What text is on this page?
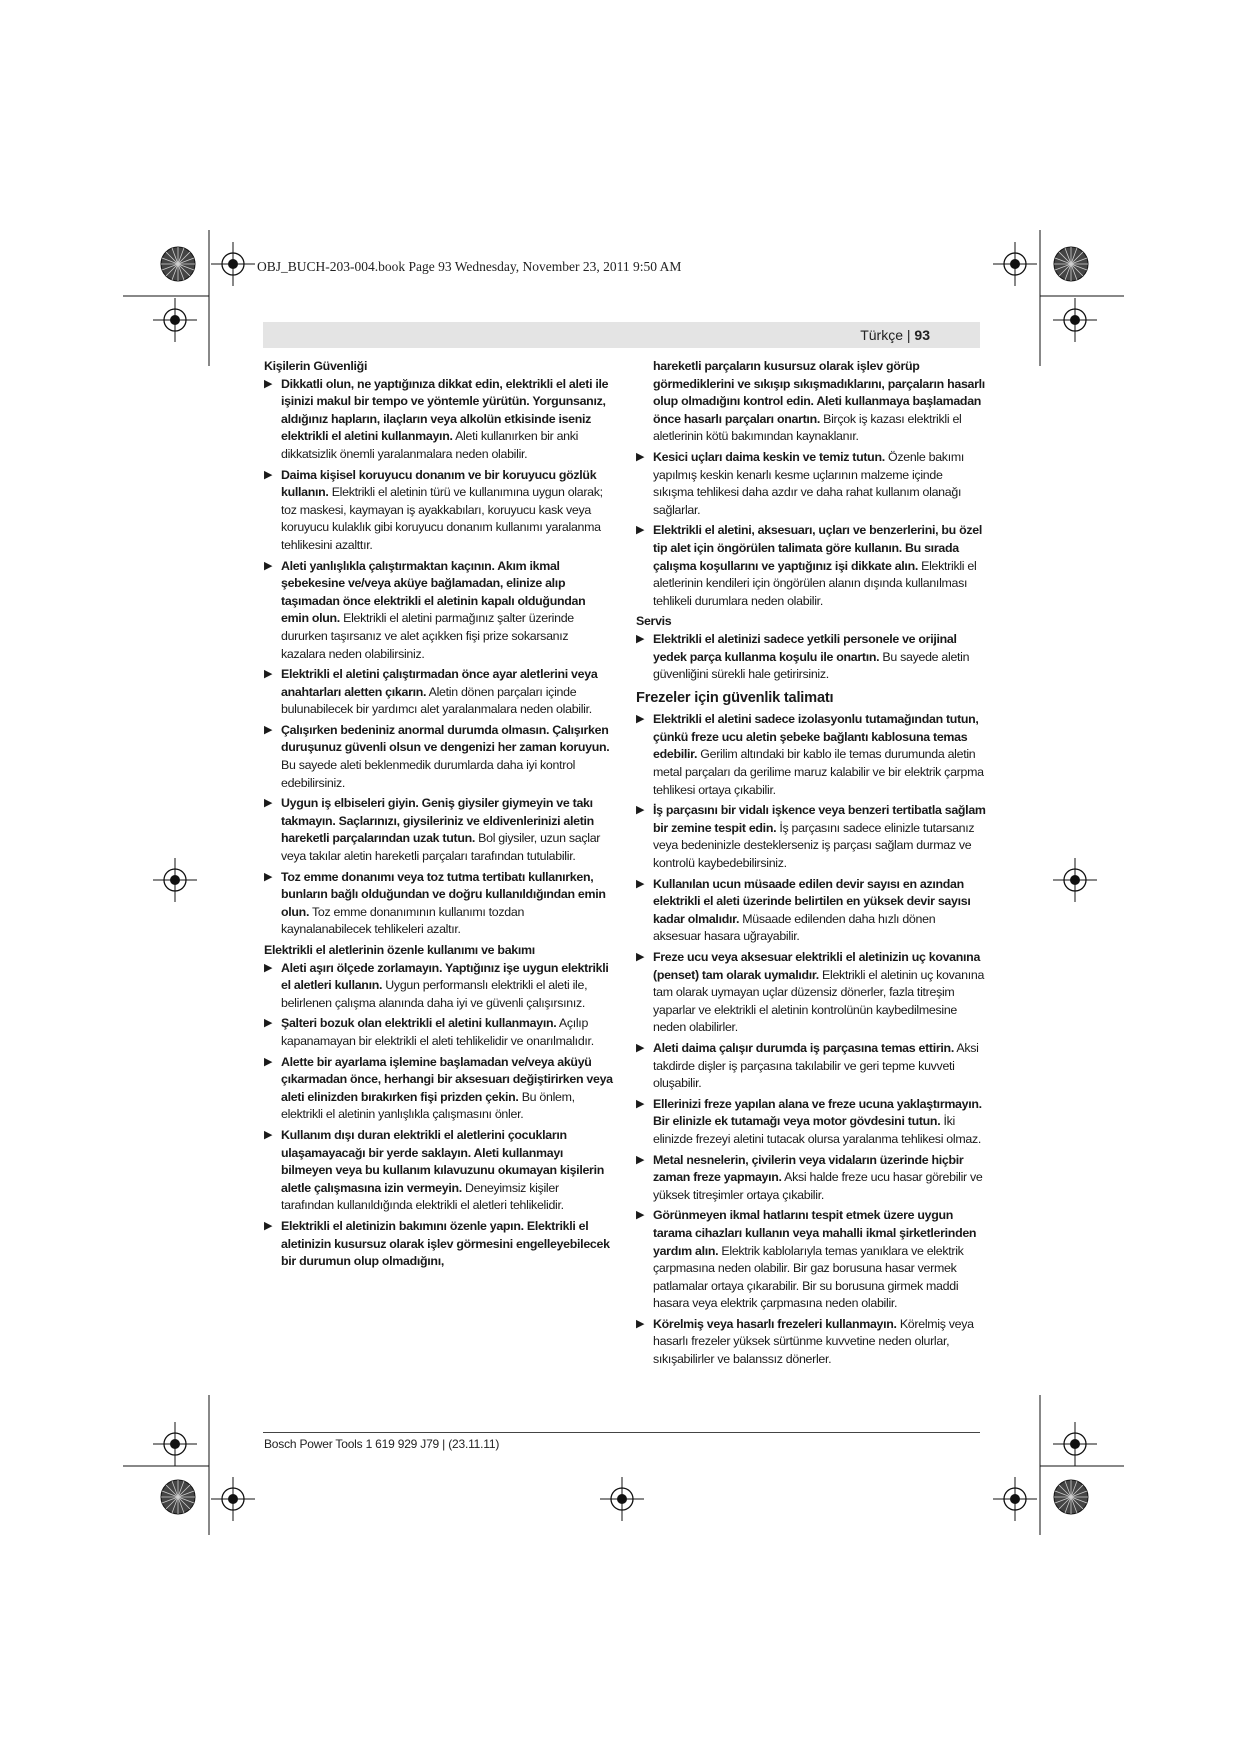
OBJ_BUCH-203-004.book Page 93 Wednesday, November 23, 2011 9:50 AM
Türkçe | 93
Kişilerin Güvenliği
▶ Dikkatli olun, ne yaptığınıza dikkat edin, elektrikli el aleti ile işinizi makul bir tempo ve yöntemle yürütün. Yorgunsanız, aldığınız hapların, ilaçların veya alkolün etkisinde iseniz elektrikli el aletini kullanmayın. Aleti kullanırken bir anki dikkatsizlik önemli yaralanmalara neden olabilir.
▶ Daima kişisel koruyucu donanım ve bir koruyucu gözlük kullanın. Elektrikli el aletinin türü ve kullanımına uygun olarak; toz maskesi, kaymayan iş ayakkabıları, koruyucu kask veya koruyucu kulaklık gibi koruyucu donanım kullanımı yaralanma tehlikesini azalttır.
▶ Aleti yanlışlıkla çalıştırmaktan kaçının. Akım ikmal şebekesine ve/veya aküye bağlamadan, elinize alıp taşımadan önce elektrikli el aletinin kapalı olduğundan emin olun. Elektrikli el aletini parmağınız şalter üzerinde dururken taşırsanız ve alet açıkken fişi prize sokarsanız kazalara neden olabilirsiniz.
▶ Elektrikli el aletini çalıştırmadan önce ayar aletlerini veya anahtarları aletten çıkarın. Aletin dönen parçaları içinde bulunabilecek bir yardımcı alet yaralanmalara neden olabilir.
▶ Çalışırken bedeniniz anormal durumda olmasın. Çalışırken duruşunuz güvenli olsun ve dengenizi her zaman koruyun. Bu sayede aleti beklenmedik durumlarda daha iyi kontrol edebilirsiniz.
▶ Uygun iş elbiseleri giyin. Geniş giysiler giymeyin ve takı takmayın. Saçlarınızı, giysileriniz ve eldivenlerinizi aletin hareketli parçalarından uzak tutun. Bol giysiler, uzun saçlar veya takılar aletin hareketli parçaları tarafından tutulabilir.
▶ Toz emme donanımı veya toz tutma tertibatı kullanırken, bunların bağlı olduğundan ve doğru kullanıldığından emin olun. Toz emme donanımının kullanımı tozdan kaynalanabilecek tehlikeleri azaltır.
Elektrikli el aletlerinin özenle kullanımı ve bakımı
▶ Aleti aşırı ölçede zorlamayın. Yaptığınız işe uygun elektrikli el aletleri kullanın. Uygun performanslı elektrikli el aleti ile, belirlenen çalışma alanında daha iyi ve güvenli çalışırsınız.
▶ Şalteri bozuk olan elektrikli el aletini kullanmayın. Açılıp kapanamayan bir elektrikli el aleti tehlikelidir ve onarılmalıdır.
▶ Alette bir ayarlama işlemine başlamadan ve/veya aküyü çıkarmadan önce, herhangi bir aksesuarı değiştirirken veya aleti elinizden bırakırken fişi prizden çekin. Bu önlem, elektrikli el aletinin yanlışlıkla çalışmasını önler.
▶ Kullanım dışı duran elektrikli el aletlerini çocukların ulaşamayacağı bir yerde saklayın. Aleti kullanmayı bilmeyen veya bu kullanım kılavuzunu okumayan kişilerin aletle çalışmasına izin vermeyin. Deneyimsiz kişiler tarafından kullanıldığında elektrikli el aletleri tehlikelidir.
▶ Elektrikli el aletinizin bakımını özenle yapın. Elektrikli el aletinizin kusursuz olarak işlev görmesini engelleyebilecek bir durumun olup olmadığını,
hareketli parçaların kusursuz olarak işlev görüp görmediklerini ve sıkışıp sıkışmadıklarını, parçaların hasarlı olup olmadığını kontrol edin. Aleti kullanmaya başlamadan önce hasarlı parçaları onartın. Birçok iş kazası elektrikli el aletlerinin kötü bakımından kaynaklanır.
▶ Kesici uçları daima keskin ve temiz tutun. Özenle bakımı yapılmış keskin kenarlı kesme uçlarının malzeme içinde sıkışma tehlikesi daha azdır ve daha rahat kullanım olanağı sağlarlar.
▶ Elektrikli el aletini, aksesuarı, uçları ve benzerlerini, bu özel tip alet için öngörülen talimata göre kullanın. Bu sırada çalışma koşullarını ve yaptığınız işi dikkate alın. Elektrikli el aletlerinin kendileri için öngörülen alanın dışında kullanılması tehlikeli durumlara neden olabilir.
Servis
▶ Elektrikli el aletinizi sadece yetkili personele ve orijinal yedek parça kullanma koşulu ile onartın. Bu sayede aletin güvenliğini sürekli hale getirirsiniz.
Frezeler için güvenlik talimatı
▶ Elektrikli el aletini sadece izolasyonlu tutamağından tutun, çünkü freze ucu aletin şebeke bağlantı kablosuna temas edebilir. Gerilim altındaki bir kablo ile temas durumunda aletin metal parçaları da gerilime maruz kalabilir ve bir elektrik çarpma tehlikesi ortaya çıkabilir.
▶ İş parçasını bir vidalı işkence veya benzeri tertibatla sağlam bir zemine tespit edin. İş parçasını sadece elinizle tutarsanız veya bedeninizle desteklerseniz iş parçası sağlam durmaz ve kontrolü kaybedebilirsiniz.
▶ Kullanılan ucun müsaade edilen devir sayısı en azından elektrikli el aleti üzerinde belirtilen en yüksek devir sayısı kadar olmalıdır. Müsaade edilenden daha hızlı dönen aksesuar hasara uğrayabilir.
▶ Freze ucu veya aksesuar elektrikli el aletinizin uç kovanına (penset) tam olarak uymalıdır. Elektrikli el aletinin uç kovanına tam olarak uymayan uçlar düzensiz dönerler, fazla titreşim yaparlar ve elektrikli el aletinin kontrolünün kaybedilmesine neden olabilirler.
▶ Aleti daima çalışır durumda iş parçasına temas ettirin. Aksi takdirde dişler iş parçasına takılabilir ve geri tepme kuvveti oluşabilir.
▶ Ellerinizi freze yapılan alana ve freze ucuna yaklaştırmayın. Bir elinizle ek tutamağı veya motor gövdesini tutun. İki elinizde frezeyi aletini tutacak olursa yaralanma tehlikesi olmaz.
▶ Metal nesnelerin, çivilerin veya vidaların üzerinde hiçbir zaman freze yapmayın. Aksi halde freze ucu hasar görebilir ve yüksek titreşimler ortaya çıkabilir.
▶ Görünmeyen ikmal hatlarını tespit etmek üzere uygun tarama cihazları kullanın veya mahalli ikmal şirketlerinden yardım alın. Elektrik kablolarıyla temas yanıklara ve elektrik çarpmasına neden olabilir. Bir gaz borusuna hasar vermek patlamalar ortaya çıkarabilir. Bir su borusuna girmek maddi hasara veya elektrik çarpmasına neden olabilir.
▶ Körelmiş veya hasarlı frezeleri kullanmayın. Körelmiş veya hasarlı frezeler yüksek sürtünme kuvvetine neden olurlar, sıkışabilirler ve balanssız dönerler.
Bosch Power Tools 1 619 929 J79 | (23.11.11)
